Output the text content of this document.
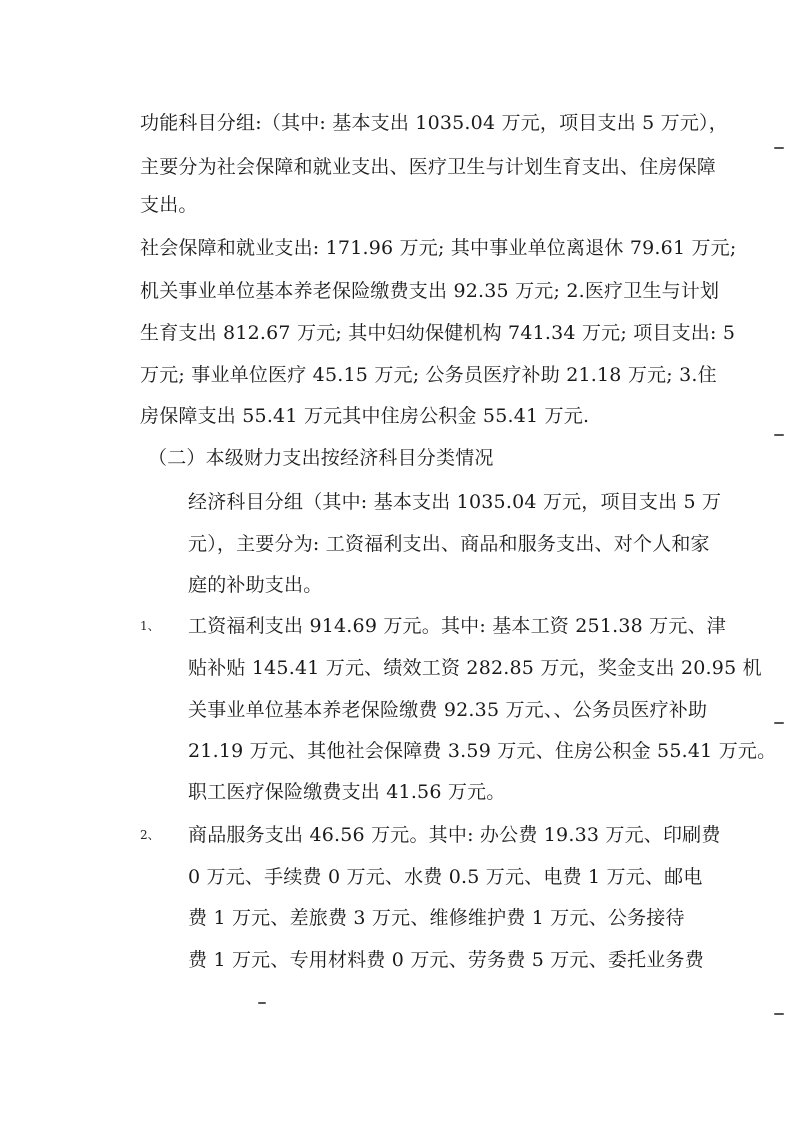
功能科目分组:（其中: 基本支出 1035.04 万元，项目支出 5 万元），
主要分为社会保障和就业支出、医疗卫生与计划生育支出、住房保障
支出。
社会保障和就业支出: 171.96 万元; 其中事业单位离退休 79.61 万元;
机关事业单位基本养老保险缴费支出 92.35 万元; 2.医疗卫生与计划
生育支出 812.67 万元; 其中妇幼保健机构 741.34 万元; 项目支出: 5
万元; 事业单位医疗 45.15 万元; 公务员医疗补助 21.18 万元; 3.住
房保障支出 55.41 万元其中住房公积金 55.41 万元.
（二）本级财力支出按经济科目分类情况
经济科目分组（其中: 基本支出 1035.04 万元，项目支出 5 万
元），主要分为: 工资福利支出、商品和服务支出、对个人和家
庭的补助支出。
1、 工资福利支出 914.69 万元。其中: 基本工资 251.38 万元、津
贴补贴 145.41 万元、绩效工资 282.85 万元，奖金支出 20.95 机
关事业单位基本养老保险缴费 92.35 万元、、公务员医疗补助
21.19 万元、其他社会保障费 3.59 万元、住房公积金 55.41 万元。
职工医疗保险缴费支出 41.56 万元。
2、 商品服务支出 46.56 万元。其中: 办公费 19.33 万元、印刷费
0 万元、手续费 0 万元、水费 0.5 万元、电费 1 万元、邮电
费 1 万元、差旅费 3 万元、维修维护费 1 万元、公务接待
费 1 万元、专用材料费 0 万元、劳务费 5 万元、委托业务费
